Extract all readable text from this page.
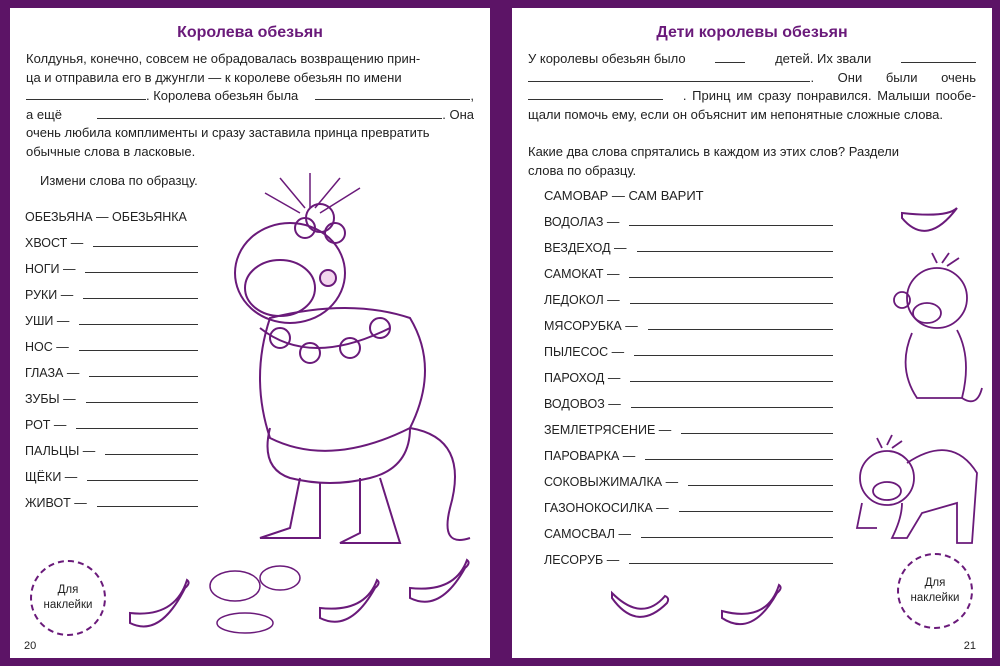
Королева обезьян
Колдунья, конечно, совсем не обрадовалась возвращению прин-
ца и отправила его в джунгли — к королеве обезьян по имени
. Королева обезьян была	,
а ещё	. Она
очень любила комплименты и сразу заставила принца превратить
обычные слова в ласковые.
Измени слова по образцу.
ОБЕЗЬЯНА — ОБЕЗЬЯНКА
ХВОСТ —
НОГИ —
РУКИ —
УШИ —
НОС —
ГЛАЗА —
ЗУБЫ —
РОТ —
ПАЛЬЦЫ —
ЩЁКИ —
ЖИВОТ —
Для
наклейки
20
Дети королевы обезьян
У королевы обезьян было	детей. Их звали
. Они были очень
. Принц им сразу понравился. Малыши пообе-
щали помочь ему, если он объяснит им непонятные сложные слова.
Какие два слова спрятались в каждом из этих слов? Раздели
слова по образцу.
САМОВАР — САМ ВАРИТ
ВОДОЛАЗ —
ВЕЗДЕХОД —
САМОКАТ —
ЛЕДОКОЛ —
МЯСОРУБКА —
ПЫЛЕСОС —
ПАРОХОД —
ВОДОВОЗ —
ЗЕМЛЕТРЯСЕНИЕ —
ПАРОВАРКА —
СОКОВЫЖИМАЛКА —
ГАЗОНОКОСИЛКА —
САМОСВАЛ —
ЛЕСОРУБ —
Для
наклейки
21
